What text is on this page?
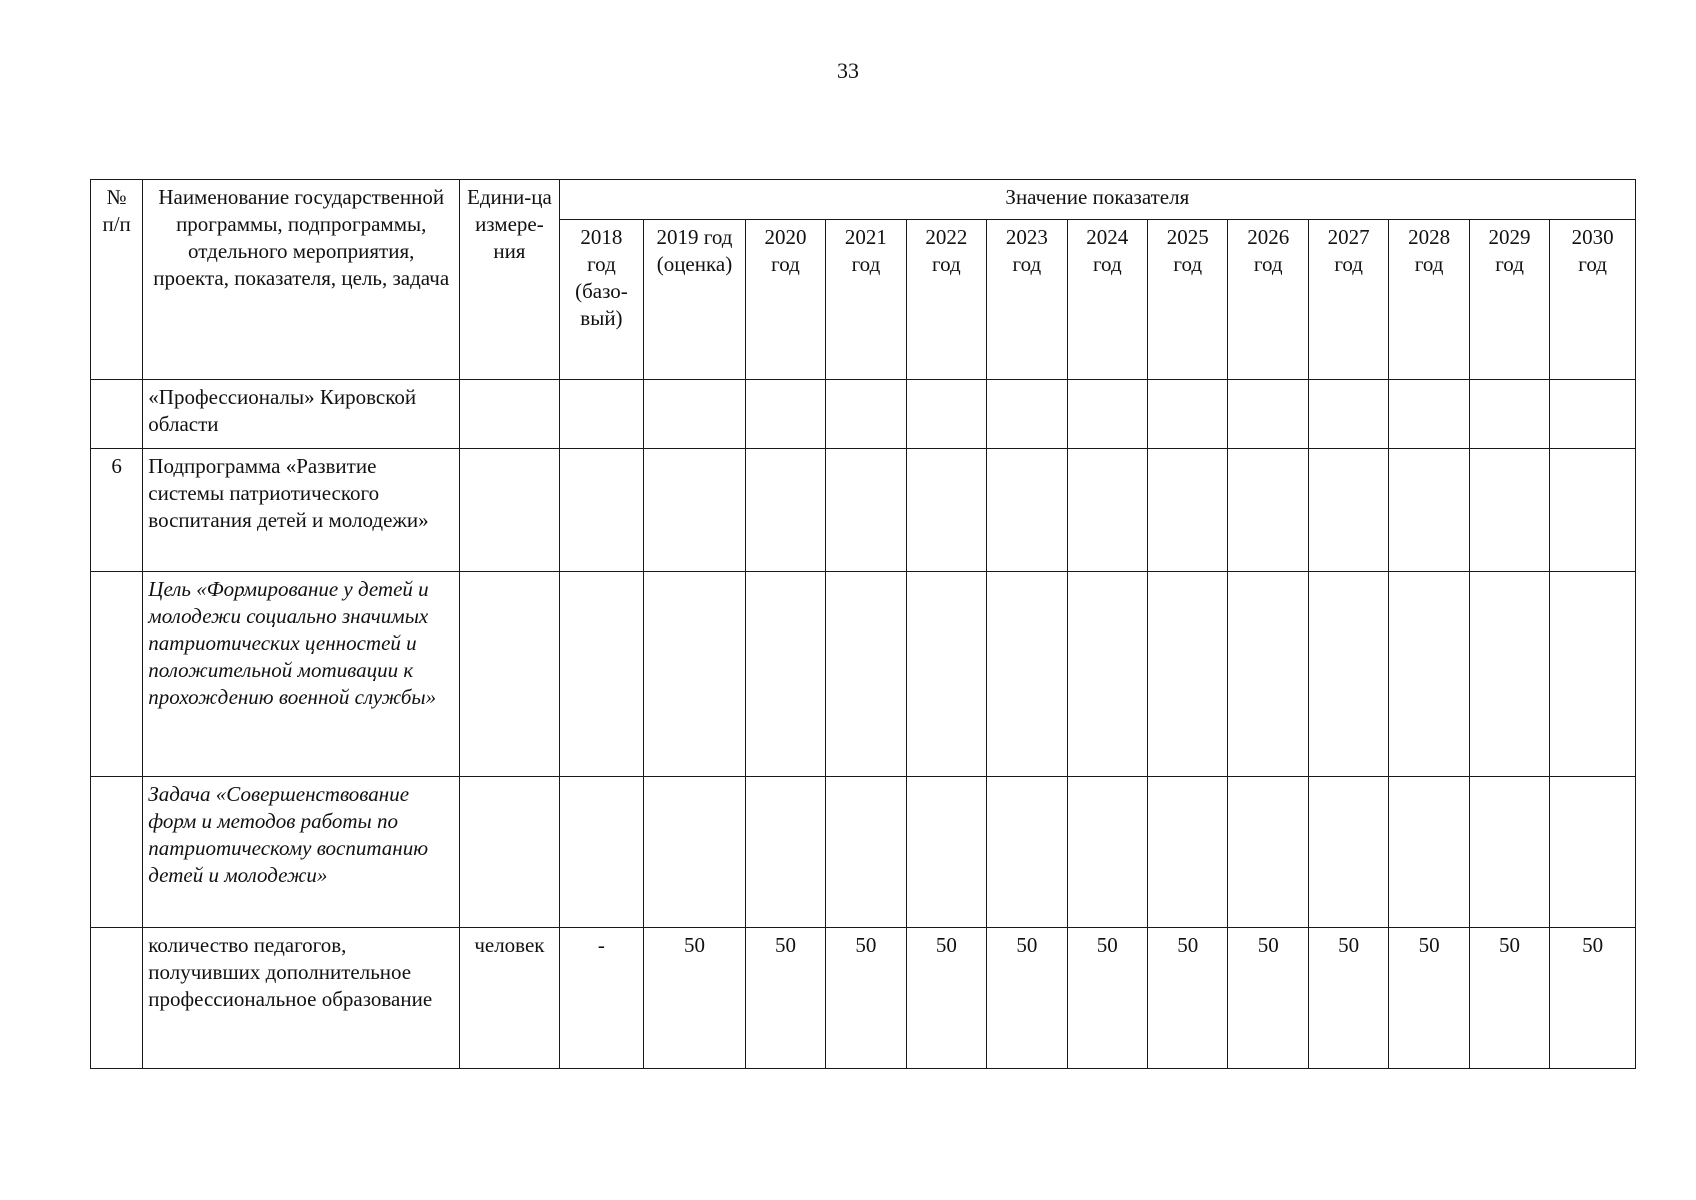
33
№ п/п	Наименование государственной программы, подпрограммы, отдельного мероприятия, проекта, показателя, цель, задача	Едини-ца измере-ния	Значение показателя												
			2018 год (базо-вый)	2019 год (оценка)	2020 год	2021 год	2022 год	2023 год	2024 год	2025 год	2026 год	2027 год	2028 год	2029 год	2030 год
	«Профессионалы» Кировской области														
6	Подпрограмма «Развитие системы патриотического воспитания детей и молодежи»														
	Цель «Формирование у детей и молодежи социально значимых патриотических ценностей и положительной мотивации к прохождению военной службы»														
	Задача «Совершенствование форм и методов работы по патриотическому воспитанию детей и молодежи»														
	количество педагогов, получивших дополнительное профессиональное образование	человек	-	50	50	50	50	50	50	50	50	50	50	50	50
